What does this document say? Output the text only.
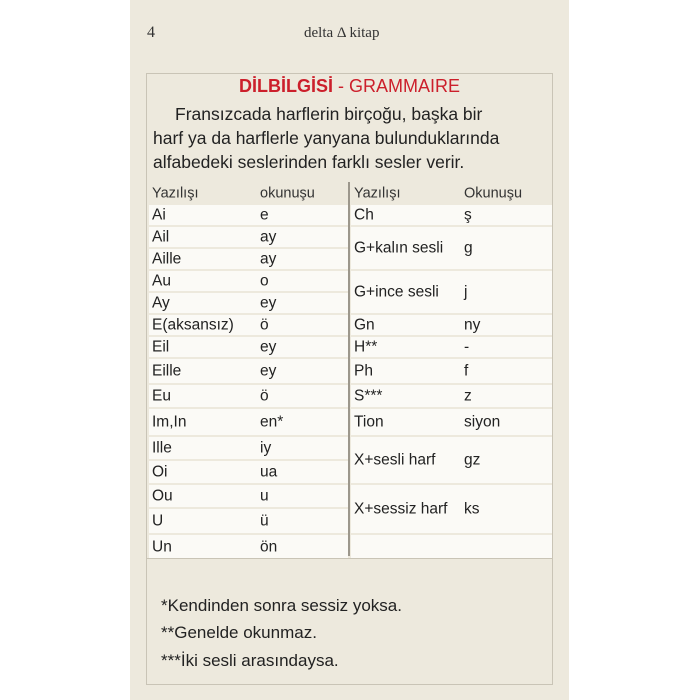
4	delta Δ kitap
DİLBİLGİSİ - GRAMMAIRE
Fransızcada harflerin birçoğu, başka bir
harf ya da harflerle yanyana bulunduklarında
alfabedeki seslerinden farklı sesler verir.
Yazılışı	okunuşu
Ai	e
Ail	ay
Aille	ay
Au	o
Ay	ey
E(aksansız) ö
Eil	ey
Eille	ey
Eu	ö
Im,In	en*
Ille	iy
Oi	ua
Ou	u
U	ü
Un	ön
Yazılışı	Okunuşu
Ch	ş
G+kalın sesli	g
G+ince sesli	j
Gn	ny
H**	-
Ph	f
S***	z
Tion	siyon
X+sesli harf	gz
X+sessiz harf	ks
*Kendinden sonra sessiz yoksa.
**Genelde okunmaz.
***İki sesli arasındaysa.
